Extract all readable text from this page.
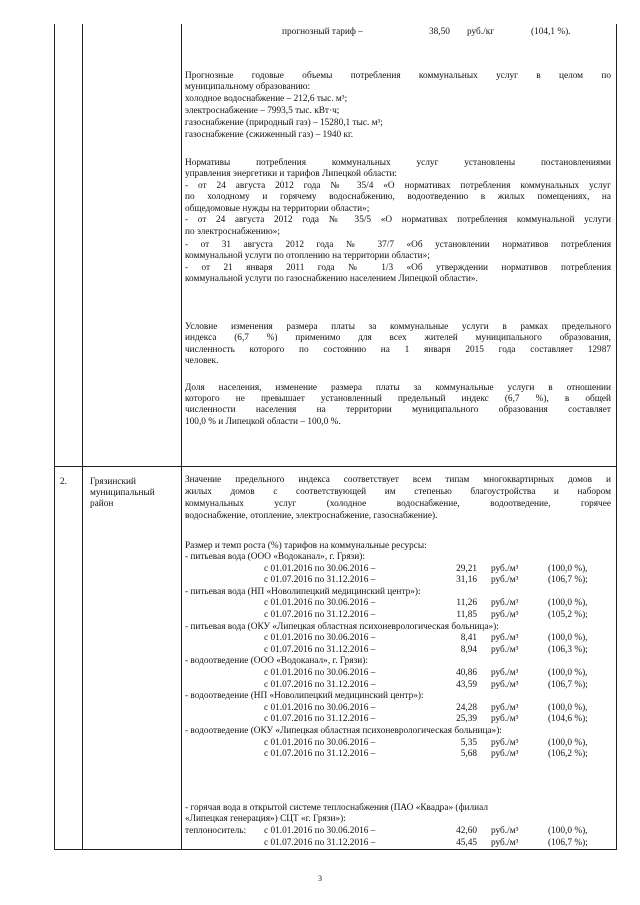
2. Грязинский
муниципальный
район
прогнозный тариф –	38,50 руб./кг	(104,1 %).
Прогнозные годовые объемы потребления коммунальных услуг в целом по
муниципальному образованию:
холодное водоснабжение – 212,6 тыс. м³;
электроснабжение – 7993,5 тыс. кВт·ч;
газоснабжение (природный газ) – 15280,1 тыс. м³;
газоснабжение (сжиженный газ) – 1940 кг.
Нормативы потребления коммунальных услуг установлены постановлениями
управления энергетики и тарифов Липецкой области:
- от 24 августа 2012 года № 35/4 «О нормативах потребления коммунальных услуг
по холодному и горячему водоснабжению, водоотведению в жилых помещениях, на
общедомовые нужды на территории области»;
- от 24 августа 2012 года № 35/5 «О нормативах потребления коммунальной услуги
по электроснабжению»;
- от 31 августа 2012 года № 37/7 «Об установлении нормативов потребления
коммунальной услуги по отоплению на территории области»;
- от 21 января 2011 года № 1/3 «Об утверждении нормативов потребления
коммунальной услуги по газоснабжению населением Липецкой области».
Условие изменения размера платы за коммунальные услуги в рамках предельного
индекса (6,7 %) применимо для всех жителей муниципального образования,
численность которого по состоянию на 1 января 2015 года составляет 12987
человек.
Доля населения, изменение размера платы за коммунальные услуги в отношении
которого не превышает установленный предельный индекс (6,7 %), в общей
численности населения на территории муниципального образования составляет
100,0 % и Липецкой области – 100,0 %.
Значение предельного индекса соответствует всем типам многоквартирных домов и
жилых домов с соответствующей им степенью благоустройства и набором
коммунальных услуг (холодное водоснабжение, водоотведение, горячее
водоснабжение, отопление, электроснабжение, газоснабжение).
Размер и темп роста (%) тарифов на коммунальные ресурсы:
- питьевая вода (ООО «Водоканал», г. Грязи):
с 01.01.2016 по 30.06.2016 –	29,21 руб./м³	(100,0 %),
с 01.07.2016 по 31.12.2016 –	31,16 руб./м³	(106,7 %);
- питьевая вода (НП «Новолипецкий медицинский центр»):
с 01.01.2016 по 30.06.2016 –	11,26 руб./м³	(100,0 %),
с 01.07.2016 по 31.12.2016 –	11,85 руб./м³	(105,2 %);
- питьевая вода (ОКУ «Липецкая областная психоневрологическая больница»):
с 01.01.2016 по 30.06.2016 –	8,41 руб./м³	(100,0 %),
с 01.07.2016 по 31.12.2016 –	8,94 руб./м³	(106,3 %);
- водоотведение (ООО «Водоканал», г. Грязи):
с 01.01.2016 по 30.06.2016 –	40,86 руб./м³	(100,0 %),
с 01.07.2016 по 31.12.2016 –	43,59 руб./м³	(106,7 %);
- водоотведение (НП «Новолипецкий медицинский центр»):
с 01.01.2016 по 30.06.2016 –	24,28 руб./м³	(100,0 %),
с 01.07.2016 по 31.12.2016 –	25,39 руб./м³	(104,6 %);
- водоотведение (ОКУ «Липецкая областная психоневрологическая больница»):
с 01.01.2016 по 30.06.2016 –	5,35 руб./м³	(100,0 %),
с 01.07.2016 по 31.12.2016 –	5,68 руб./м³	(106,2 %);
- горячая вода в открытой системе теплоснабжения (ПАО «Квадра» (филиал
«Липецкая генерация») СЦТ «г. Грязи»):
теплоноситель: с 01.01.2016 по 30.06.2016 –	42,60 руб./м³	(100,0 %),
с 01.07.2016 по 31.12.2016 –	45,45 руб./м³	(106,7 %);
3
